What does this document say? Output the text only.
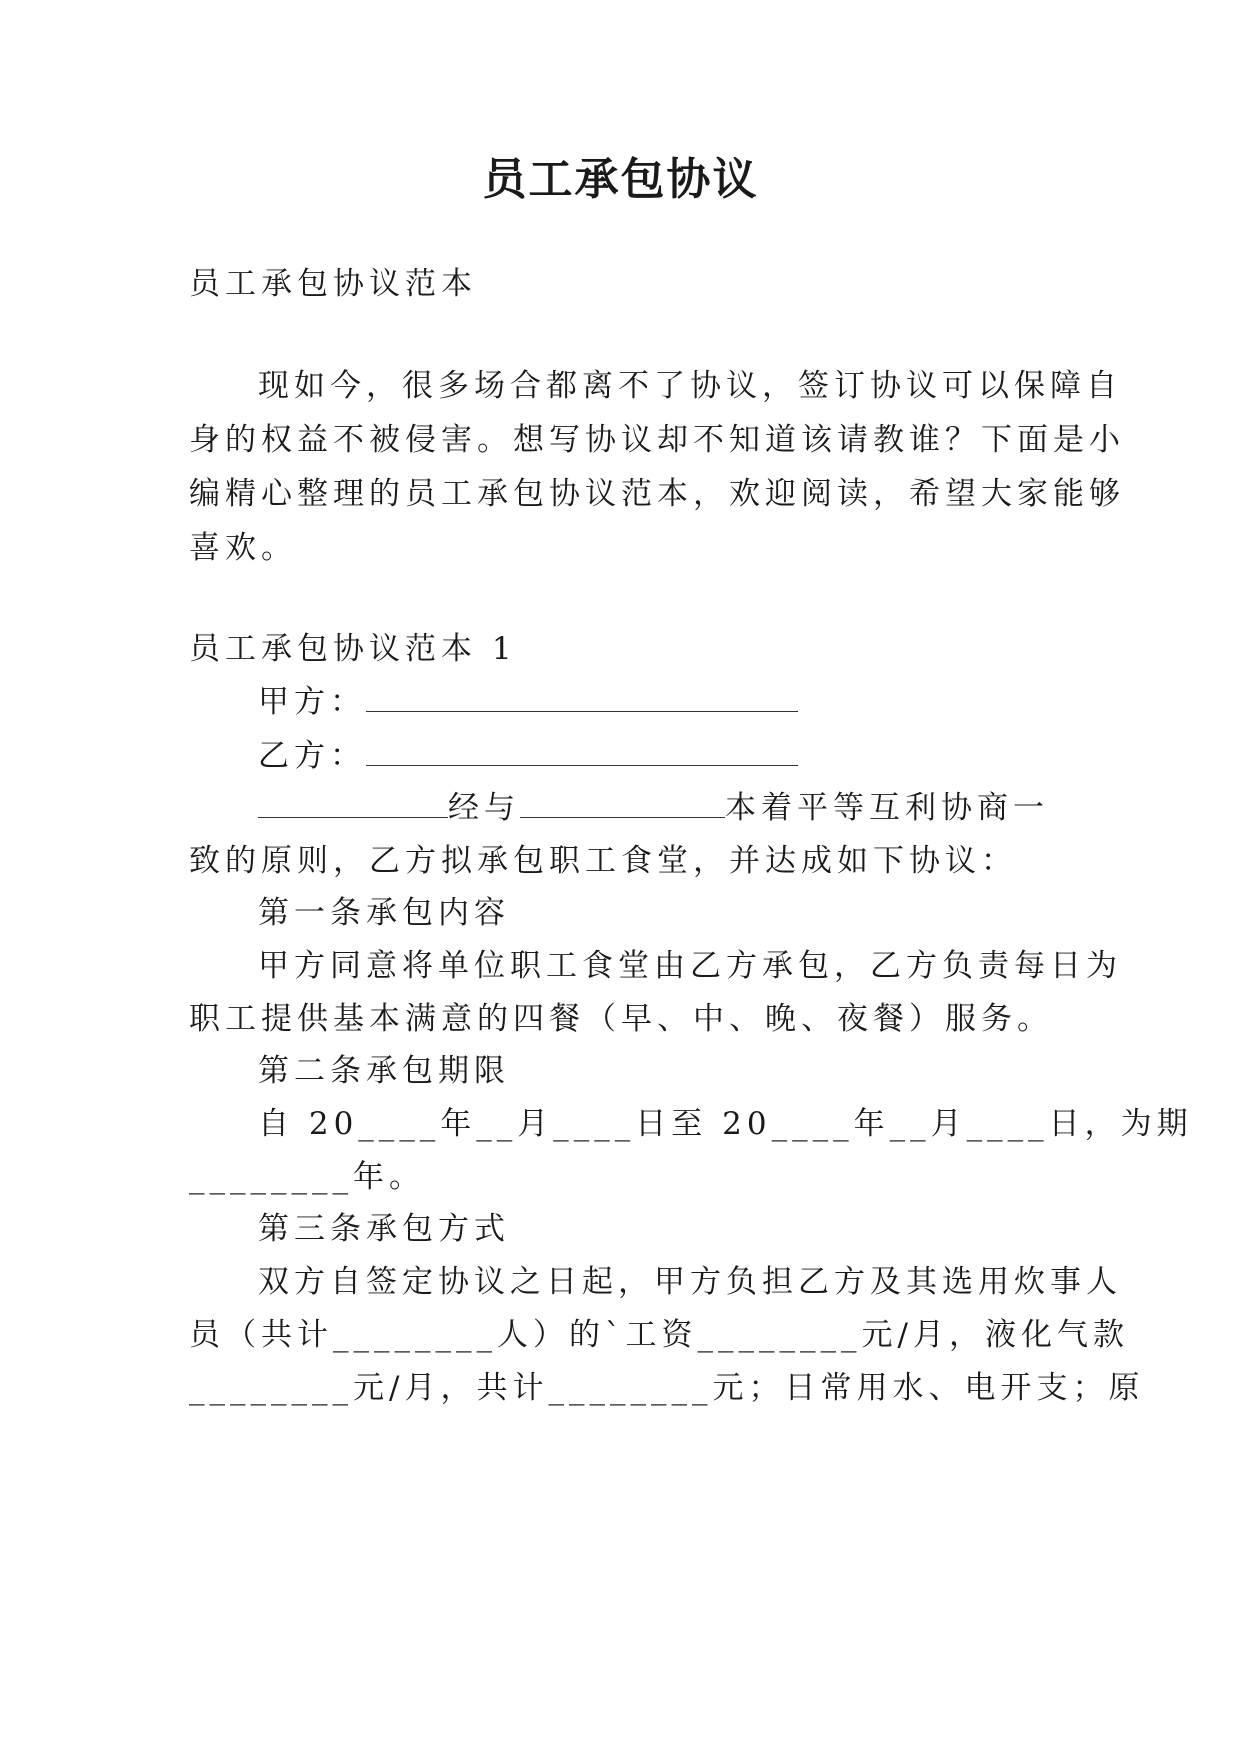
员工承包协议

员工承包协议范本

现如今，很多场合都离不了协议，签订协议可以保障自

身的权益不被侵害。想写协议却不知道该请教谁？下面是小

编精心整理的员工承包协议范本，欢迎阅读，希望大家能够

喜欢。

员工承包协议范本 1

甲方：

乙方：

经与	本着平等互利协商一

致的原则，乙方拟承包职工食堂，并达成如下协议：

第一条承包内容

甲方同意将单位职工食堂由乙方承包，乙方负责每日为

职工提供基本满意的四餐（早、中、晚、夜餐）服务。

第二条承包期限

自 20____年__月____日至 20____年__月____日，为期

________年。

第三条承包方式

双方自签定协议之日起，甲方负担乙方及其选用炊事人

员（共计________人）的`工资________元/月，液化气款

________元/月，共计________元；日常用水、电开支；原
